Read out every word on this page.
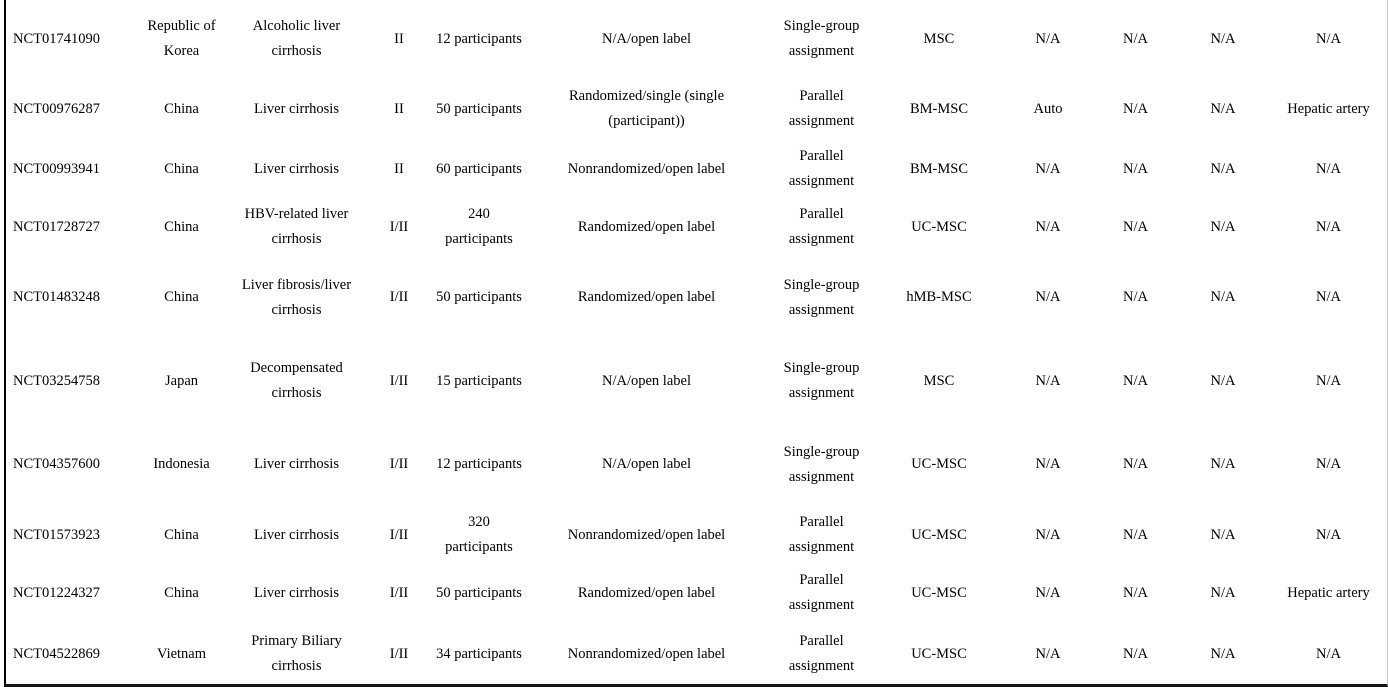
NCT01741090	Republic of Korea	Alcoholic liver cirrhosis	II	12 participants	N/A/open label	Single-group assignment	MSC	N/A	N/A	N/A	N/A

NCT00976287	China	Liver cirrhosis	II	50 participants	Randomized/single (single (participant))	Parallel assignment	BM-MSC	Auto	N/A	N/A	Hepatic artery

NCT00993941	China	Liver cirrhosis	II	60 participants	Nonrandomized/open label	Parallel assignment	BM-MSC	N/A	N/A	N/A	N/A

NCT01728727	China	HBV-related liver cirrhosis	I/II	240 participants	Randomized/open label	Parallel assignment	UC-MSC	N/A	N/A	N/A	N/A

NCT01483248	China	Liver fibrosis/liver cirrhosis	I/II	50 participants	Randomized/open label	Single-group assignment	hMB-MSC	N/A	N/A	N/A	N/A

NCT03254758	Japan	Decompensated cirrhosis	I/II	15 participants	N/A/open label	Single-group assignment	MSC	N/A	N/A	N/A	N/A

NCT04357600	Indonesia	Liver cirrhosis	I/II	12 participants	N/A/open label	Single-group assignment	UC-MSC	N/A	N/A	N/A	N/A

NCT01573923	China	Liver cirrhosis	I/II	320 participants	Nonrandomized/open label	Parallel assignment	UC-MSC	N/A	N/A	N/A	N/A

NCT01224327	China	Liver cirrhosis	I/II	50 participants	Randomized/open label	Parallel assignment	UC-MSC	N/A	N/A	N/A	Hepatic artery

NCT04522869	Vietnam	Primary Biliary cirrhosis	I/II	34 participants	Nonrandomized/open label	Parallel assignment	UC-MSC	N/A	N/A	N/A	N/A
